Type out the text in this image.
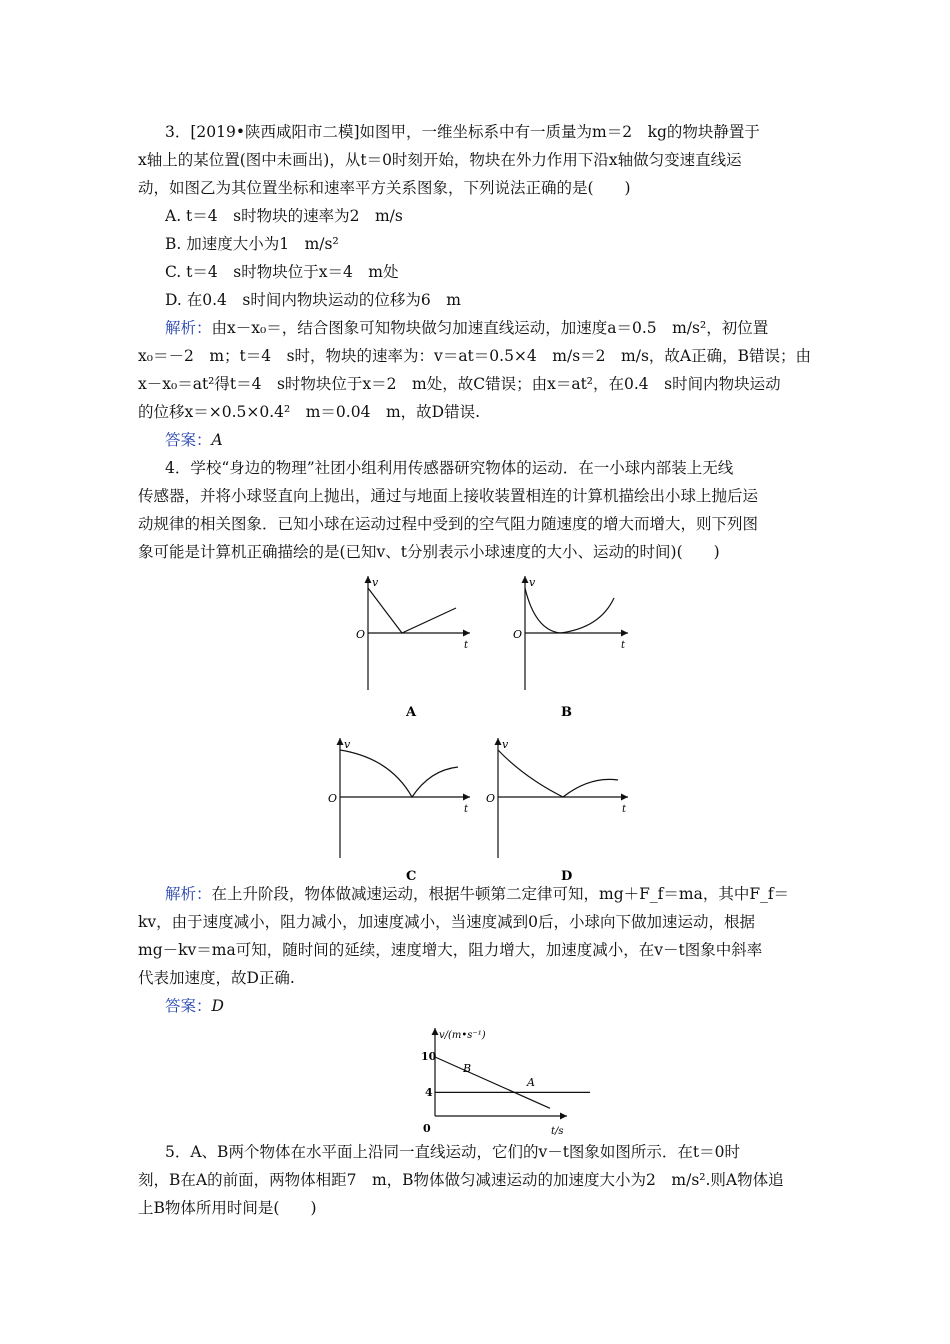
3．[2019•陕西咸阳市二模]如图甲，一维坐标系中有一质量为m＝2　kg的物块静置于
x轴上的某位置(图中未画出)，从t＝0时刻开始，物块在外力作用下沿x轴做匀变速直线运
动，如图乙为其位置坐标和速率平方关系图象，下列说法正确的是(　　)
A. t＝4　s时物块的速率为2　m/s
B. 加速度大小为1　m/s²
C. t＝4　s时物块位于x＝4　m处
D. 在0.4　s时间内物块运动的位移为6　m
解析：由x－x₀＝，结合图象可知物块做匀加速直线运动，加速度a＝0.5　m/s²，初位置
x₀＝－2　m；t＝4　s时，物块的速率为：v＝at＝0.5×4　m/s＝2　m/s，故A正确，B错误；由
x－x₀＝at²得t＝4　s时物块位于x＝2　m处，故C错误；由x＝at²，在0.4　s时间内物块运动
的位移x＝×0.5×0.4²　m＝0.04　m，故D错误.
答案：A
4．学校“身边的物理”社团小组利用传感器研究物体的运动．在一小球内部装上无线
传感器，并将小球竖直向上抛出，通过与地面上接收装置相连的计算机描绘出小球上抛后运
动规律的相关图象．已知小球在运动过程中受到的空气阻力随速度的增大而增大，则下列图
象可能是计算机正确描绘的是(已知v、t分别表示小球速度的大小、运动的时间)(　　)
v
O
t
A
v
O
t
B
v
O
t
C
v
O
t
D
解析：在上升阶段，物体做减速运动，根据牛顿第二定律可知，mg＋F_f＝ma，其中F_f＝
kv，由于速度减小，阻力减小，加速度减小，当速度减到0后，小球向下做加速运动，根据
mg－kv＝ma可知，随时间的延续，速度增大，阻力增大，加速度减小，在v－t图象中斜率
代表加速度，故D正确.
答案：D
v/(m•s⁻¹)
t/s
0
10
4
A
B
5．A、B两个物体在水平面上沿同一直线运动，它们的v－t图象如图所示．在t＝0时
刻，B在A的前面，两物体相距7　m，B物体做匀减速运动的加速度大小为2　m/s².则A物体追
上B物体所用时间是(　　)
